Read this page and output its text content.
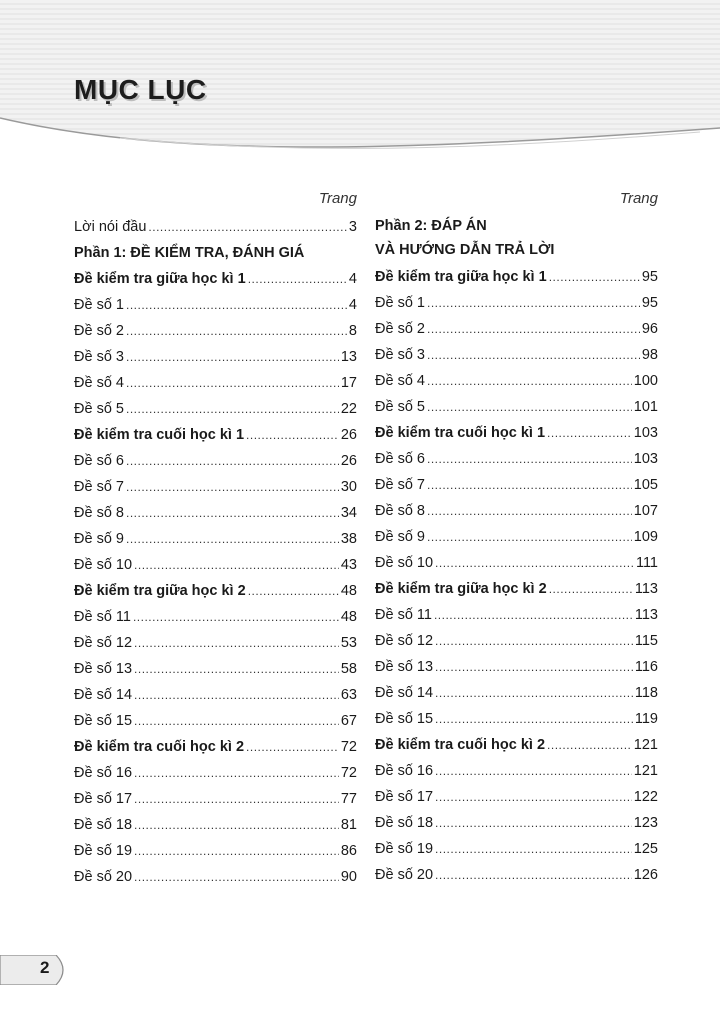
MỤC LỤC
Trang
Lời nói đầu .....	3
Phần 1: ĐỀ KIỂM TRA, ĐÁNH GIÁ
Đề kiểm tra giữa học kì 1 .....	4
Đề số 1 .....	4
Đề số 2 .....	8
Đề số 3 .....	13
Đề số 4 .....	17
Đề số 5 .....	22
Đề kiểm tra cuối học kì 1 .....	26
Đề số 6 .....	26
Đề số 7 .....	30
Đề số 8 .....	34
Đề số 9 .....	38
Đề số 10 .....	43
Đề kiểm tra giữa học kì 2 .....	48
Đề số 11 .....	48
Đề số 12 .....	53
Đề số 13 .....	58
Đề số 14 .....	63
Đề số 15 .....	67
Đề kiểm tra cuối học kì 2 .....	72
Đề số 16 .....	72
Đề số 17 .....	77
Đề số 18 .....	81
Đề số 19 .....	86
Đề số 20 .....	90
Trang
Phần 2: ĐÁP ÁN
VÀ HƯỚNG DẪN TRẢ LỜI
Đề kiểm tra giữa học kì 1 .....	95
Đề số 1 .....	95
Đề số 2 .....	96
Đề số 3 .....	98
Đề số 4 .....	100
Đề số 5 .....	101
Đề kiểm tra cuối học kì 1 .....	103
Đề số 6 .....	103
Đề số 7 .....	105
Đề số 8 .....	107
Đề số 9 .....	109
Đề số 10 .....	111
Đề kiểm tra giữa học kì 2 .....	113
Đề số 11 .....	113
Đề số 12 .....	115
Đề số 13 .....	116
Đề số 14 .....	118
Đề số 15 .....	119
Đề kiểm tra cuối học kì 2 .....	121
Đề số 16 .....	121
Đề số 17 .....	122
Đề số 18 .....	123
Đề số 19 .....	125
Đề số 20 .....	126
2
